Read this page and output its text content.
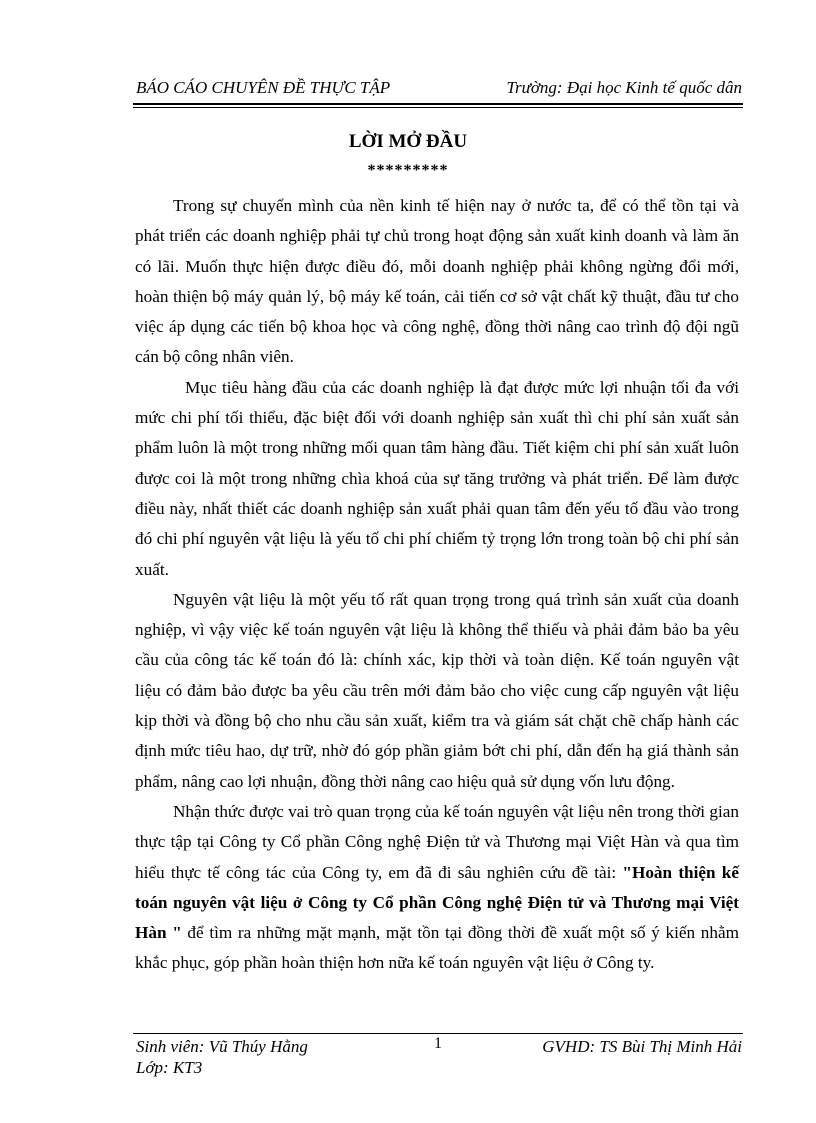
BÁO CÁO CHUYÊN ĐỀ THỰC TẬP	Trường: Đại học Kinh tế quốc dân
LỜI MỞ ĐẦU
*********

Trong sự chuyển mình của nền kinh tế hiện nay ở nước ta, để có thể tồn tại và phát triển các doanh nghiệp phải tự chủ trong hoạt động sản xuất kinh doanh và làm ăn có lãi. Muốn thực hiện được điều đó, mỗi doanh nghiệp phải không ngừng đổi mới, hoàn thiện bộ máy quản lý, bộ máy kế toán, cải tiến cơ sở vật chất kỹ thuật, đầu tư cho việc áp dụng các tiến bộ khoa học và công nghệ, đồng thời nâng cao trình độ đội ngũ cán bộ công nhân viên.

Mục tiêu hàng đầu của các doanh nghiệp là đạt được mức lợi nhuận tối đa với mức chi phí tối thiểu, đặc biệt đối với doanh nghiệp sản xuất thì chi phí sản xuất sản phẩm luôn là một trong những mối quan tâm hàng đầu. Tiết kiệm chi phí sản xuất luôn được coi là một trong những chìa khoá của sự tăng trưởng và phát triển. Để làm được điều này, nhất thiết các doanh nghiệp sản xuất phải quan tâm đến yếu tố đầu vào trong đó chi phí nguyên vật liệu là yếu tố chi phí chiếm tỷ trọng lớn trong toàn bộ chi phí sản xuất.

Nguyên vật liệu là một yếu tố rất quan trọng trong quá trình sản xuất của doanh nghiệp, vì vậy việc kế toán nguyên vật liệu là không thể thiếu và phải đảm bảo ba yêu cầu của công tác kế toán đó là: chính xác, kịp thời và toàn diện. Kế toán nguyên vật liệu có đảm bảo được ba yêu cầu trên mới đảm bảo cho việc cung cấp nguyên vật liệu kịp thời và đồng bộ cho nhu cầu sản xuất, kiểm tra và giám sát chặt chẽ chấp hành các định mức tiêu hao, dự trữ, nhờ đó góp phần giảm bớt chi phí, dẫn đến hạ giá thành sản phẩm, nâng cao lợi nhuận, đồng thời nâng cao hiệu quả sử dụng vốn lưu động.

Nhận thức được vai trò quan trọng của kế toán nguyên vật liệu nên trong thời gian thực tập tại Công ty Cổ phần Công nghệ Điện tử và Thương mại Việt Hàn và qua tìm hiểu thực tế công tác của Công ty, em đã đi sâu nghiên cứu đề tài: "Hoàn thiện kế toán nguyên vật liệu ở Công ty Cổ phần Công nghệ Điện tử và Thương mại Việt Hàn " để tìm ra những mặt mạnh, mặt tồn tại đồng thời đề xuất một số ý kiến nhằm khắc phục, góp phần hoàn thiện hơn nữa kế toán nguyên vật liệu ở Công ty.

Sinh viên: Vũ Thúy Hằng	1	GVHD: TS Bùi Thị Minh Hải
Lớp: KT3
